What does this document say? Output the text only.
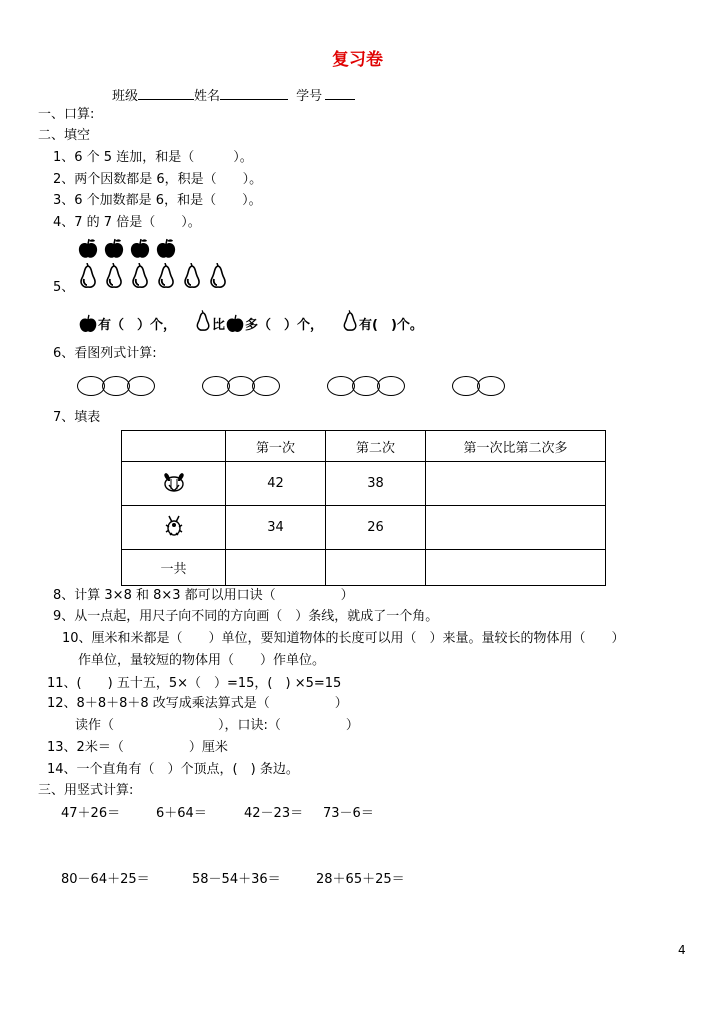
复习卷
班级	姓名	学号
一、口算:
二、填空
1、6 个 5 连加，和是（　　　）。
2、两个因数都是 6，积是（　　）。
3、6 个加数都是 6，和是（　　）。
4、7 的 7 倍是（　　）。
5、
有（　）个，	比 多（　）个，	有(　)个。
6、看图列式计算:
7、填表
	第一次	第二次	第一次比第二次多
	42	38	
	34	26	
一共			
8、计算 3×8 和 8×3 都可以用口诀（　　　　　）
9、从一点起，用尺子向不同的方向画（　）条线，就成了一个角。
10、厘米和米都是（　　）单位，要知道物体的长度可以用（　）来量。量较长的物体用（　　）
作单位，量较短的物体用（　　）作单位。
11、(　　) 五十五，5×（　）=15，(　) ×5=15
12、8＋8＋8＋8 改写成乘法算式是（　　　　　）
读作（　　　　　　　　），口诀:（　　　　　）
13、2米＝（　　　　　）厘米
14、一个直角有（　）个顶点，(　) 条边。
三、用竖式计算:
47＋26＝	6＋64＝	42－23＝ 73－6＝
80－64＋25＝	58－54＋36＝	28＋65＋25＝
4
